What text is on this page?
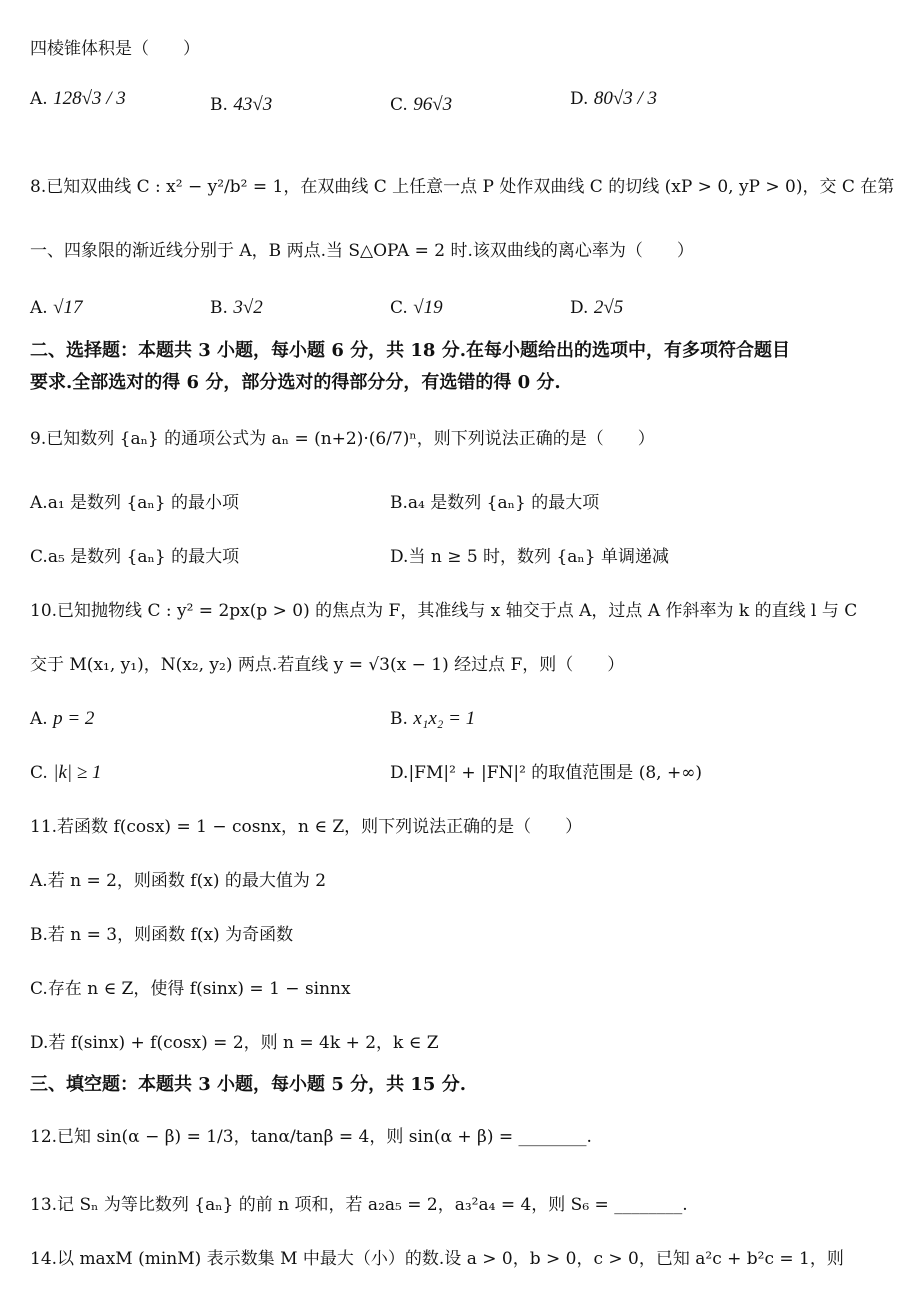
四棱锥体积是（　　）
A. 128√3 / 3	B. 43√3	C. 96√3	D. 80√3 / 3
8.已知双曲线 C : x² − y²/b² = 1，在双曲线 C 上任意一点 P 处作双曲线 C 的切线 (xP > 0, yP > 0)，交 C 在第
一、四象限的渐近线分别于 A，B 两点.当 S△OPA = 2 时.该双曲线的离心率为（　　）
A. √17	B. 3√2	C. √19	D. 2√5
二、选择题：本题共 3 小题，每小题 6 分，共 18 分.在每小题给出的选项中，有多项符合题目
要求.全部选对的得 6 分，部分选对的得部分分，有选错的得 0 分.
9.已知数列 {aₙ} 的通项公式为 aₙ = (n+2)·(6/7)ⁿ，则下列说法正确的是（　　）
A.a₁ 是数列 {aₙ} 的最小项	B.a₄ 是数列 {aₙ} 的最大项
C.a₅ 是数列 {aₙ} 的最大项	D.当 n ≥ 5 时，数列 {aₙ} 单调递减
10.已知抛物线 C : y² = 2px(p > 0) 的焦点为 F，其准线与 x 轴交于点 A，过点 A 作斜率为 k 的直线 l 与 C
交于 M(x₁, y₁)，N(x₂, y₂) 两点.若直线 y = √3(x − 1) 经过点 F，则（　　）
A. p = 2	B. x₁x₂ = 1
C. |k| ≥ 1	D.|FM|² + |FN|² 的取值范围是 (8, +∞)
11.若函数 f(cosx) = 1 − cosnx，n ∈ Z，则下列说法正确的是（　　）
A.若 n = 2，则函数 f(x) 的最大值为 2
B.若 n = 3，则函数 f(x) 为奇函数
C.存在 n ∈ Z，使得 f(sinx) = 1 − sinnx
D.若 f(sinx) + f(cosx) = 2，则 n = 4k + 2，k ∈ Z
三、填空题：本题共 3 小题，每小题 5 分，共 15 分.
12.已知 sin(α − β) = 1/3，tanα/tanβ = 4，则 sin(α + β) = ________.
13.记 Sₙ 为等比数列 {aₙ} 的前 n 项和，若 a₂a₅ = 2，a₃²a₄ = 4，则 S₆ = ________.
14.以 maxM (minM) 表示数集 M 中最大（小）的数.设 a > 0，b > 0，c > 0，已知 a²c + b²c = 1，则
